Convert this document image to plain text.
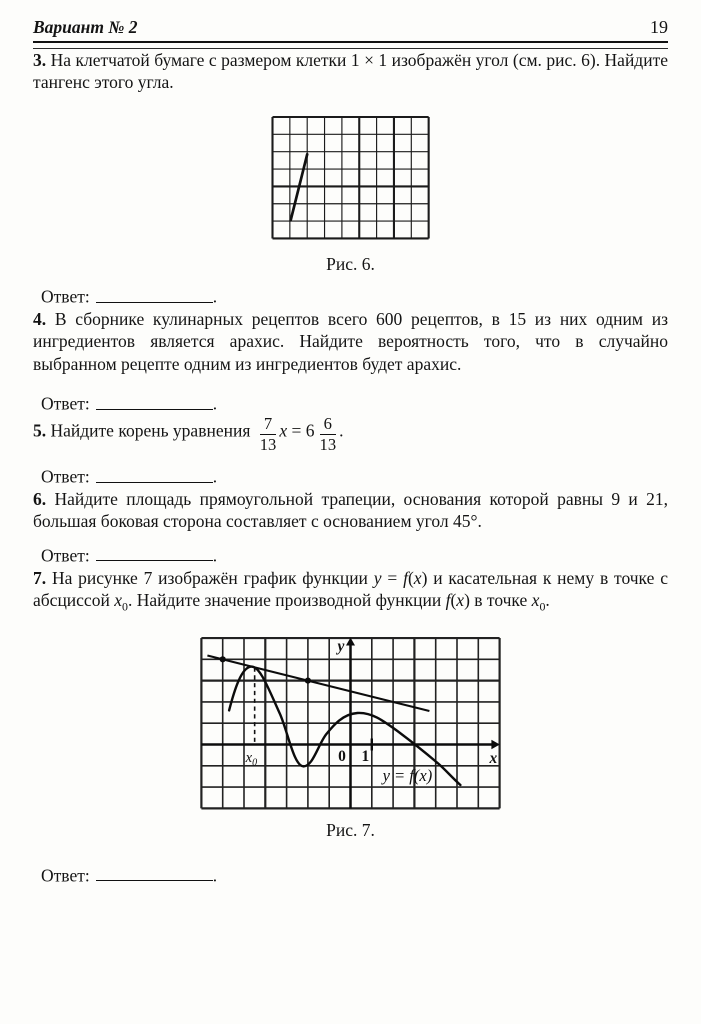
Вариант № 2	19

3. На клетчатой бумаге с размером клетки 1 × 1 изображён угол (см. рис. 6). Найдите тангенс этого угла.

Рис. 6.

Ответ:	.

4. В сборнике кулинарных рецептов всего 600 рецептов, в 15 из них одним из ингредиентов является арахис. Найдите вероятность того, что в случайно выбранном рецепте одним из ингредиентов будет арахис.

Ответ:	.

5. Найдите корень уравнения $\frac{7}{13}$ $x = 6 \frac{6}{13}$ .

Ответ:	.

6. Найдите площадь прямоугольной трапеции, основания которой равны 9 и 21, большая боковая сторона составляет с основанием угол 45°.

Ответ:	.

7. На рисунке 7 изображён график функции y = f(x) и касательная к нему в точке с абсциссой $x_0$. Найдите значение производной функции f(x) в точке $x_0$.

y
x
0 1
$x_0$
y = f(x)
Рис. 7.

Ответ:	.
